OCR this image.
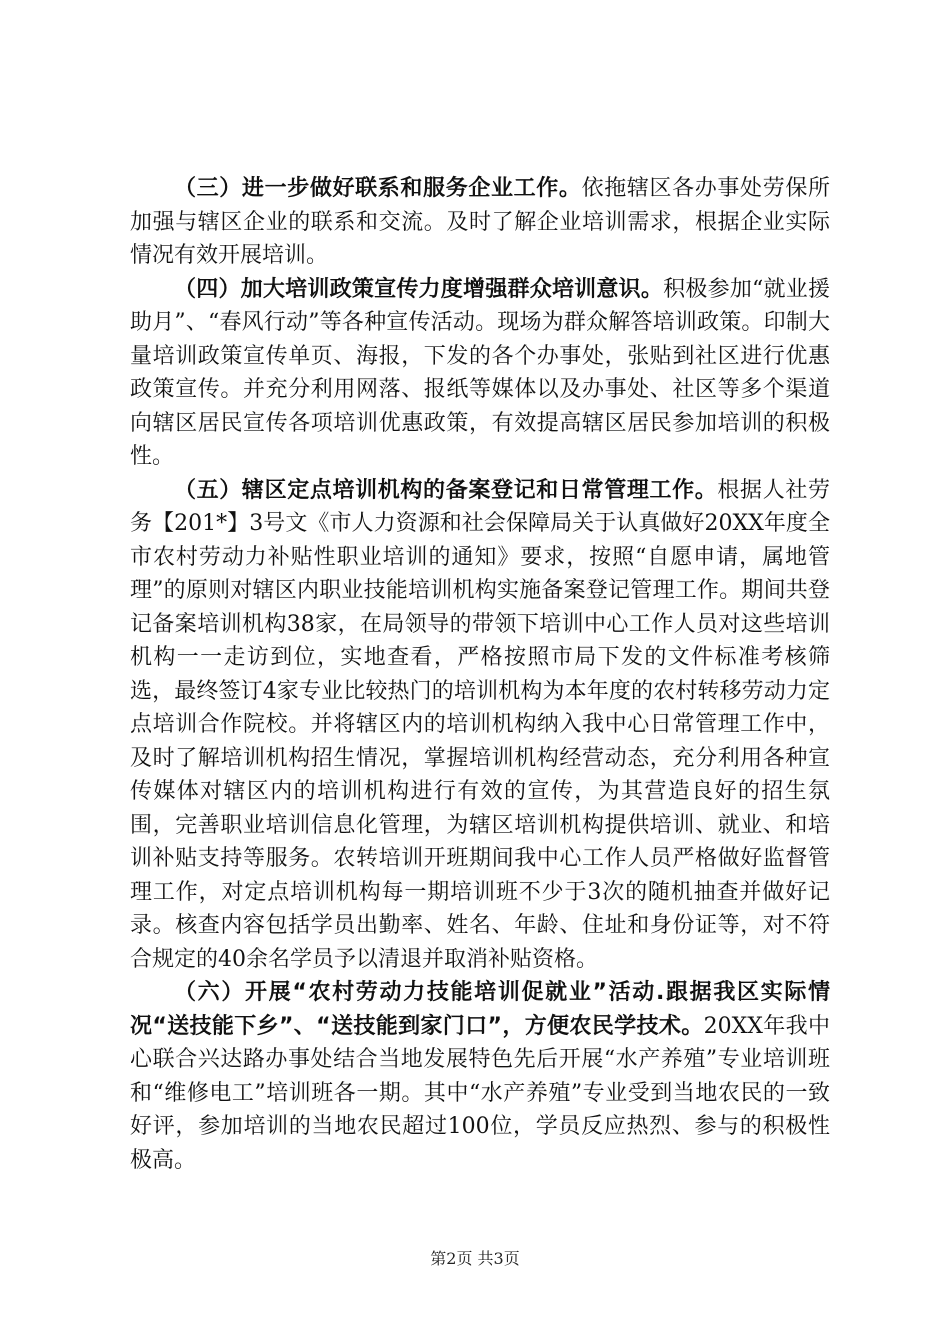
（三）进一步做好联系和服务企业工作。依拖辖区各办事处劳保所加强与辖区企业的联系和交流。及时了解企业培训需求，根据企业实际情况有效开展培训。

（四）加大培训政策宣传力度增强群众培训意识。积极参加“就业援助月”、“春风行动”等各种宣传活动。现场为群众解答培训政策。印制大量培训政策宣传单页、海报，下发的各个办事处，张贴到社区进行优惠政策宣传。并充分利用网落、报纸等媒体以及办事处、社区等多个渠道向辖区居民宣传各项培训优惠政策，有效提高辖区居民参加培训的积极性。

（五）辖区定点培训机构的备案登记和日常管理工作。根据人社劳务【201*】3号文《市人力资源和社会保障局关于认真做好20XX年度全市农村劳动力补贴性职业培训的通知》要求，按照“自愿申请，属地管理”的原则对辖区内职业技能培训机构实施备案登记管理工作。期间共登记备案培训机构38家，在局领导的带领下培训中心工作人员对这些培训机构一一走访到位，实地查看，严格按照市局下发的文件标准考核筛选，最终签订4家专业比较热门的培训机构为本年度的农村转移劳动力定点培训合作院校。并将辖区内的培训机构纳入我中心日常管理工作中，及时了解培训机构招生情况，掌握培训机构经营动态，充分利用各种宣传媒体对辖区内的培训机构进行有效的宣传，为其营造良好的招生氛围，完善职业培训信息化管理，为辖区培训机构提供培训、就业、和培训补贴支持等服务。农转培训开班期间我中心工作人员严格做好监督管理工作，对定点培训机构每一期培训班不少于3次的随机抽查并做好记录。核查内容包括学员出勤率、姓名、年龄、住址和身份证等，对不符合规定的40余名学员予以清退并取消补贴资格。

（六）开展“农村劳动力技能培训促就业”活动.跟据我区实际情况“送技能下乡”、“送技能到家门口”，方便农民学技术。20XX年我中心联合兴达路办事处结合当地发展特色先后开展“水产养殖”专业培训班和“维修电工”培训班各一期。其中“水产养殖”专业受到当地农民的一致好评，参加培训的当地农民超过100位，学员反应热烈、参与的积极性极高。

第2页 共3页
